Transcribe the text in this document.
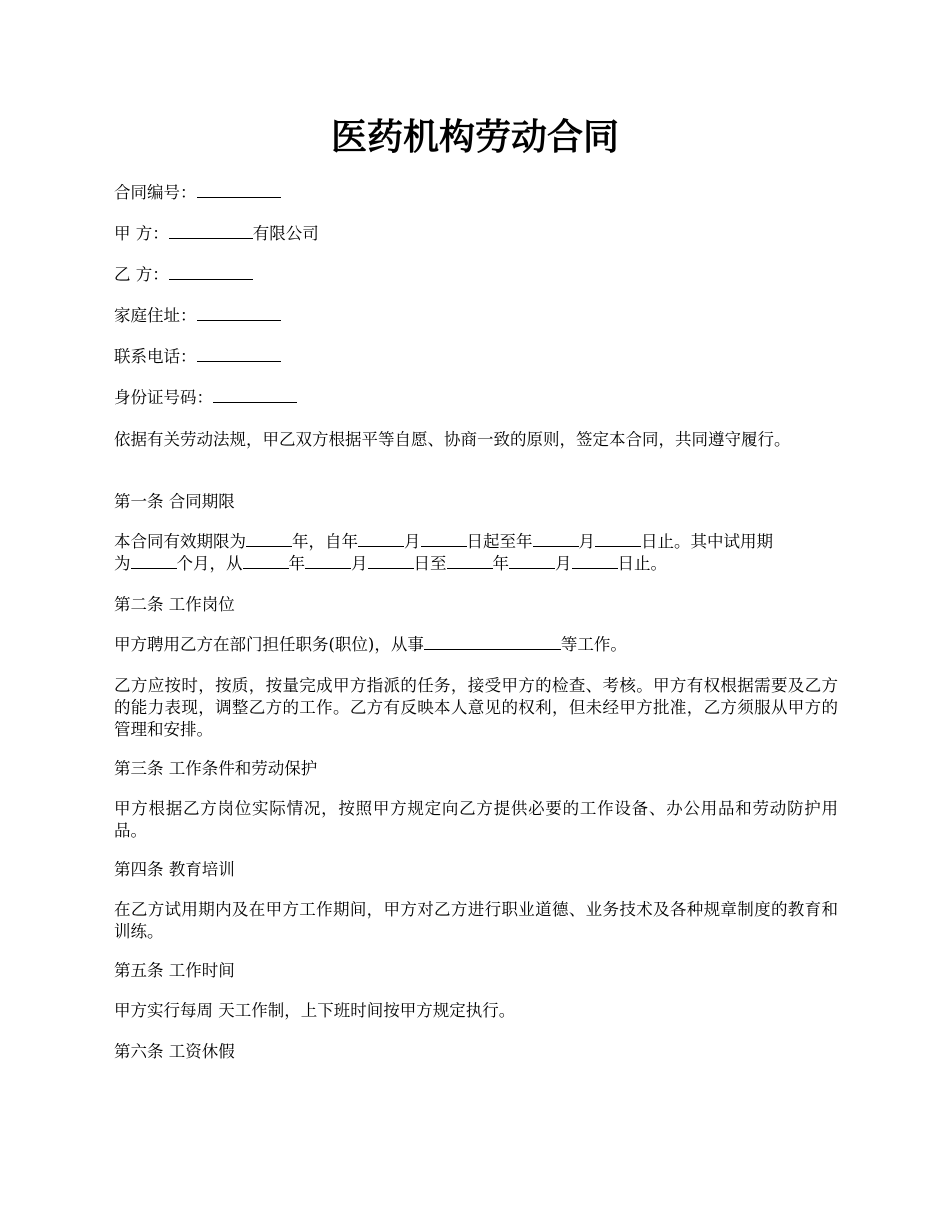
医药机构劳动合同
合同编号：
甲 方：	有限公司
乙 方：
家庭住址：
联系电话：
身份证号码：
依据有关劳动法规，甲乙双方根据平等自愿、协商一致的原则，签定本合同，共同遵守履行。
第一条 合同期限
本合同有效期限为	年，自年	月	日起至年	月	日止。其中试用期
为	个月，从	年	月	日至	年	月	日止。
第二条 工作岗位
甲方聘用乙方在部门担任职务(职位)，从事	等工作。
乙方应按时，按质，按量完成甲方指派的任务，接受甲方的检查、考核。甲方有权根据需要及乙方的能力表现，调整乙方的工作。乙方有反映本人意见的权利，但未经甲方批准，乙方须服从甲方的管理和安排。
第三条 工作条件和劳动保护
甲方根据乙方岗位实际情况，按照甲方规定向乙方提供必要的工作设备、办公用品和劳动防护用品。
第四条 教育培训
在乙方试用期内及在甲方工作期间，甲方对乙方进行职业道德、业务技术及各种规章制度的教育和训练。
第五条 工作时间
甲方实行每周 天工作制，上下班时间按甲方规定执行。
第六条 工资休假
